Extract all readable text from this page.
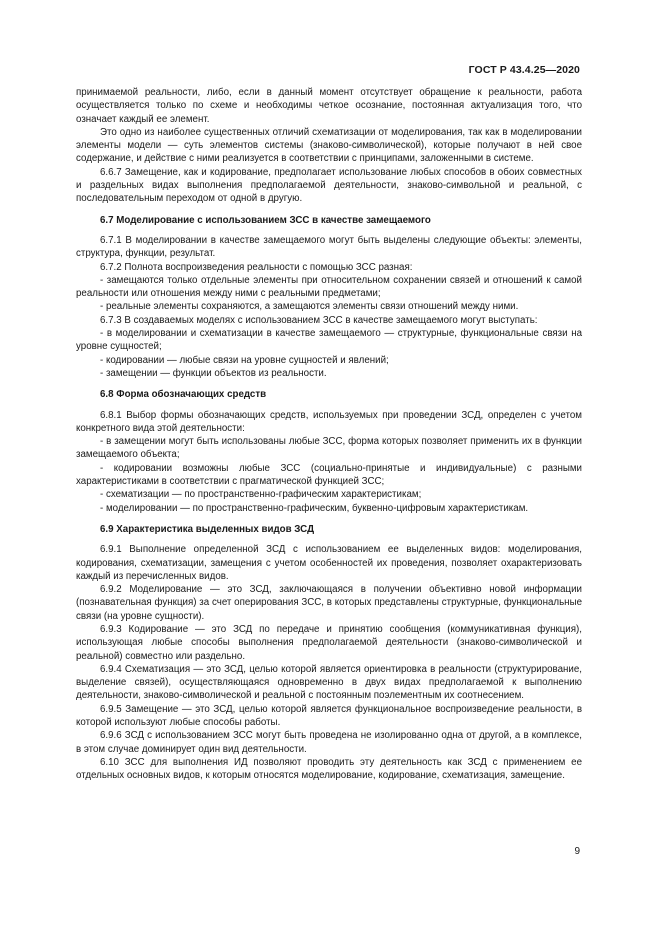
ГОСТ Р 43.4.25—2020

принимаемой реальности, либо, если в данный момент отсутствует обращение к реальности, работа осуществляется только по схеме и необходимы четкое осознание, постоянная актуализация того, что означает каждый ее элемент.

Это одно из наиболее существенных отличий схематизации от моделирования, так как в моделировании элементы модели — суть элементов системы (знаково-символической), которые получают в ней свое содержание, и действие с ними реализуется в соответствии с принципами, заложенными в системе.

6.6.7 Замещение, как и кодирование, предполагает использование любых способов в обоих совместных и раздельных видах выполнения предполагаемой деятельности, знаково-символьной и реальной, с последовательным переходом от одной в другую.

6.7 Моделирование с использованием ЗСС в качестве замещаемого

6.7.1 В моделировании в качестве замещаемого могут быть выделены следующие объекты: элементы, структура, функции, результат.

6.7.2 Полнота воспроизведения реальности с помощью ЗСС разная:

- замещаются только отдельные элементы при относительном сохранении связей и отношений к самой реальности или отношения между ними с реальными предметами;

- реальные элементы сохраняются, а замещаются элементы связи отношений между ними.

6.7.3 В создаваемых моделях с использованием ЗСС в качестве замещаемого могут выступать:

- в моделировании и схематизации в качестве замещаемого — структурные, функциональные связи на уровне сущностей;

- кодировании — любые связи на уровне сущностей и явлений;

- замещении — функции объектов из реальности.

6.8 Форма обозначающих средств

6.8.1 Выбор формы обозначающих средств, используемых при проведении ЗСД, определен с учетом конкретного вида этой деятельности:

- в замещении могут быть использованы любые ЗСС, форма которых позволяет применить их в функции замещаемого объекта;

- кодировании возможны любые ЗСС (социально-принятые и индивидуальные) с разными характеристиками в соответствии с прагматической функцией ЗСС;

- схематизации — по пространственно-графическим характеристикам;

- моделировании — по пространственно-графическим, буквенно-цифровым характеристикам.

6.9 Характеристика выделенных видов ЗСД

6.9.1 Выполнение определенной ЗСД с использованием ее выделенных видов: моделирования, кодирования, схематизации, замещения с учетом особенностей их проведения, позволяет охарактеризовать каждый из перечисленных видов.

6.9.2 Моделирование — это ЗСД, заключающаяся в получении объективно новой информации (познавательная функция) за счет оперирования ЗСС, в которых представлены структурные, функциональные связи (на уровне сущности).

6.9.3 Кодирование — это ЗСД по передаче и принятию сообщения (коммуникативная функция), использующая любые способы выполнения предполагаемой деятельности (знаково-символической и реальной) совместно или раздельно.

6.9.4 Схематизация — это ЗСД, целью которой является ориентировка в реальности (структурирование, выделение связей), осуществляющаяся одновременно в двух видах предполагаемой к выполнению деятельности, знаково-символической и реальной с постоянным поэлементным их соотнесением.

6.9.5 Замещение — это ЗСД, целью которой является функциональное воспроизведение реальности, в которой используют любые способы работы.

6.9.6 ЗСД с использованием ЗСС могут быть проведена не изолированно одна от другой, а в комплексе, в этом случае доминирует один вид деятельности.

6.10 ЗСС для выполнения ИД позволяют проводить эту деятельность как ЗСД с применением ее отдельных основных видов, к которым относятся моделирование, кодирование, схематизация, замещение.

9
